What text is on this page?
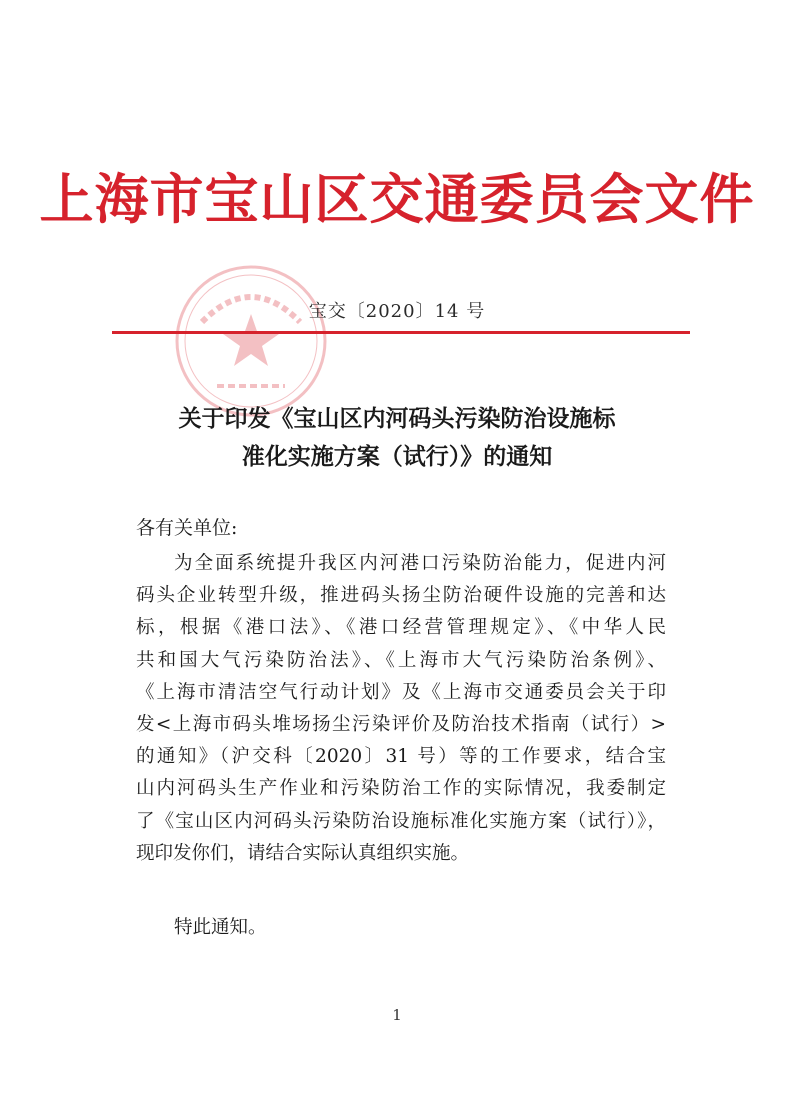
上海市宝山区交通委员会文件
宝交〔2020〕14 号
关于印发《宝山区内河码头污染防治设施标
准化实施方案（试行）》的通知
各有关单位:
为全面系统提升我区内河港口污染防治能力，促进内河
码头企业转型升级，推进码头扬尘防治硬件设施的完善和达
标，根据《港口法》、《港口经营管理规定》、《中华人民
共和国大气污染防治法》、《上海市大气污染防治条例》、
《上海市清洁空气行动计划》及《上海市交通委员会关于印
发<上海市码头堆场扬尘污染评价及防治技术指南（试行）>
的通知》（沪交科〔2020〕31 号）等的工作要求，结合宝
山内河码头生产作业和污染防治工作的实际情况，我委制定
了《宝山区内河码头污染防治设施标准化实施方案（试行）》，
现印发你们，请结合实际认真组织实施。
特此通知。
1
